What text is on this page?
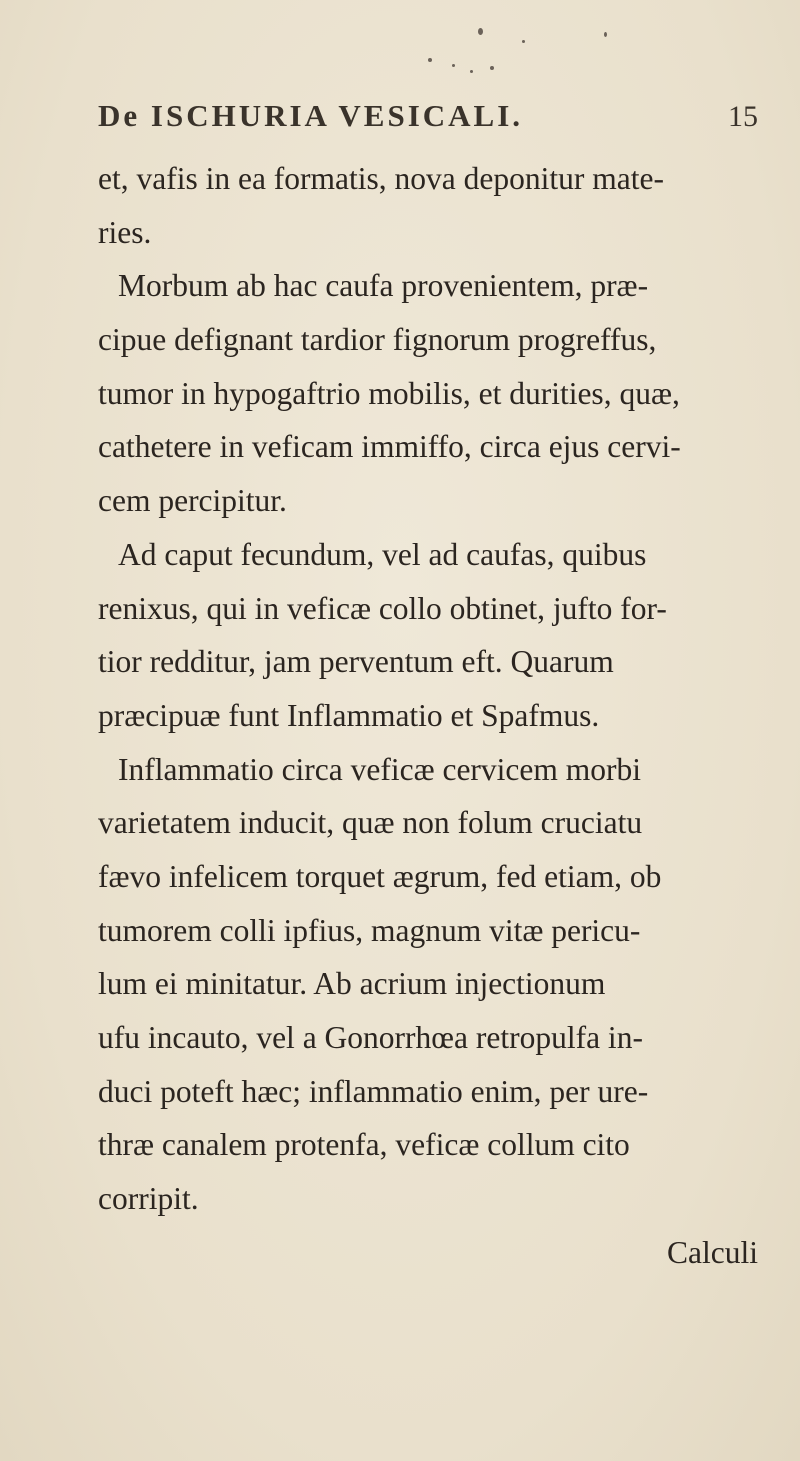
De ISCHURIA VESICALI.	15
et, vafis in ea formatis, nova deponitur mate-
ries.
Morbum ab hac caufa provenientem, præ-
cipue defignant tardior fignorum progreffus,
tumor in hypogaftrio mobilis, et durities, quæ,
cathetere in veficam immiffo, circa ejus cervi-
cem percipitur.
Ad caput fecundum, vel ad caufas, quibus
renixus, qui in veficæ collo obtinet, jufto for-
tior redditur, jam perventum eft. Quarum
præcipuæ funt Inflammatio et Spafmus.
Inflammatio circa veficæ cervicem morbi
varietatem inducit, quæ non folum cruciatu
fævo infelicem torquet ægrum, fed etiam, ob
tumorem colli ipfius, magnum vitæ pericu-
lum ei minitatur. Ab acrium injectionum
ufu incauto, vel a Gonorrhœa retropulfa in-
duci poteft hæc; inflammatio enim, per ure-
thræ canalem protenfa, veficæ collum cito
corripit.
Calculi
